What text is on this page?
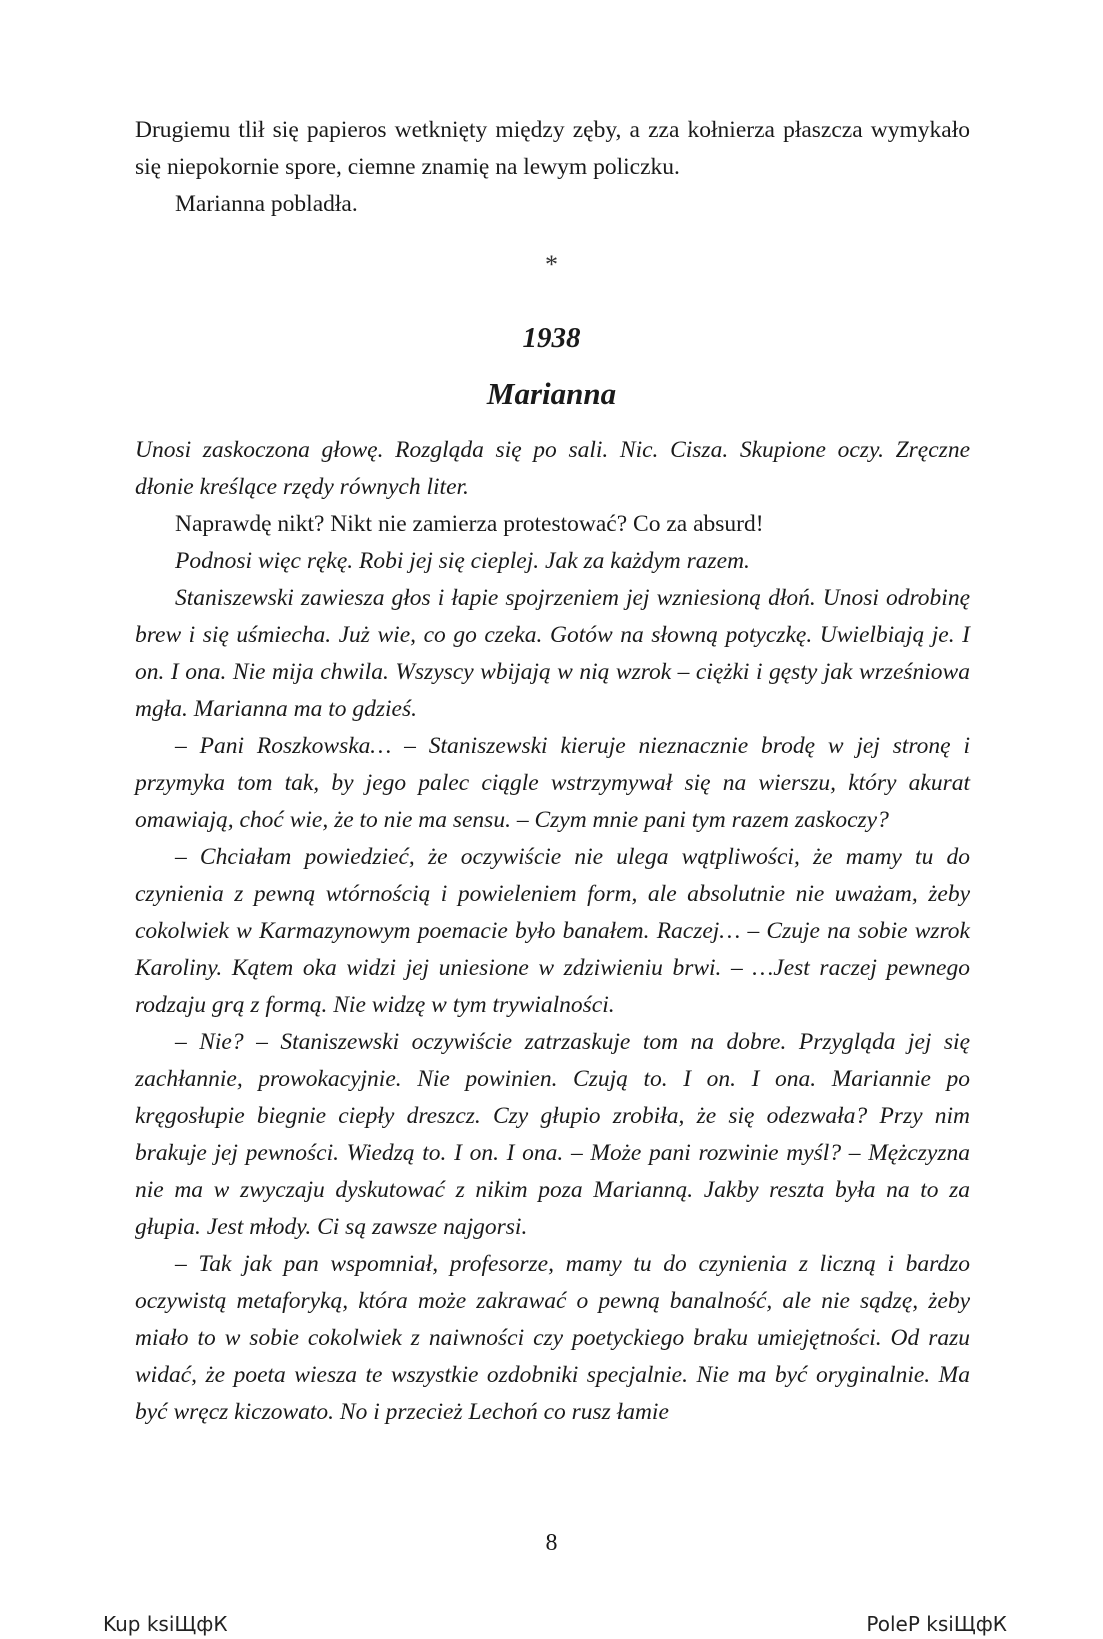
Drugiemu tlił się papieros wetknięty między zęby, a zza kołnierza płaszcza wymykało się niepokornie spore, ciemne znamię na lewym policzku.

Marianna pobladła.

*
1938
Marianna

Unosi zaskoczona głowę. Rozgląda się po sali. Nic. Cisza. Skupione oczy. Zręczne dłonie kreślące rzędy równych liter.

Naprawdę nikt? Nikt nie zamierza protestować? Co za absurd!

Podnosi więc rękę. Robi jej się cieplej. Jak za każdym razem.

Staniszewski zawiesza głos i łapie spojrzeniem jej wzniesioną dłoń. Unosi odrobinę brew i się uśmiecha. Już wie, co go czeka. Gotów na słowną potyczkę. Uwielbiają je. I on. I ona. Nie mija chwila. Wszyscy wbijają w nią wzrok – ciężki i gęsty jak wrześniowa mgła. Marianna ma to gdzieś.

– Pani Roszkowska… – Staniszewski kieruje nieznacznie brodę w jej stronę i przymyka tom tak, by jego palec ciągle wstrzymywał się na wierszu, który akurat omawiają, choć wie, że to nie ma sensu. – Czym mnie pani tym razem zaskoczy?

– Chciałam powiedzieć, że oczywiście nie ulega wątpliwości, że mamy tu do czynienia z pewną wtórnością i powieleniem form, ale absolutnie nie uważam, żeby cokolwiek w Karmazynowym poemacie było banałem. Raczej… – Czuje na sobie wzrok Karoliny. Kątem oka widzi jej uniesione w zdziwieniu brwi. – …Jest raczej pewnego rodzaju grą z formą. Nie widzę w tym trywialności.

– Nie? – Staniszewski oczywiście zatrzaskuje tom na dobre. Przygląda jej się zachłannie, prowokacyjnie. Nie powinien. Czują to. I on. I ona. Mariannie po kręgosłupie biegnie ciepły dreszcz. Czy głupio zrobiła, że się odezwała? Przy nim brakuje jej pewności. Wiedzą to. I on. I ona. – Może pani rozwinie myśl? – Mężczyzna nie ma w zwyczaju dyskutować z nikim poza Marianną. Jakby reszta była na to za głupia. Jest młody. Ci są zawsze najgorsi.

– Tak jak pan wspomniał, profesorze, mamy tu do czynienia z liczną i bardzo oczywistą metaforyką, która może zakrawać o pewną banalność, ale nie sądzę, żeby miało to w sobie cokolwiek z naiwności czy poetyckiego braku umiejętności. Od razu widać, że poeta wiesza te wszystkie ozdobniki specjalnie. Nie ma być oryginalnie. Ma być wręcz kiczowato. No i przecież Lechoń co rusz łamie

8
Kup ksiЩфК	PoleP ksiЩфК
